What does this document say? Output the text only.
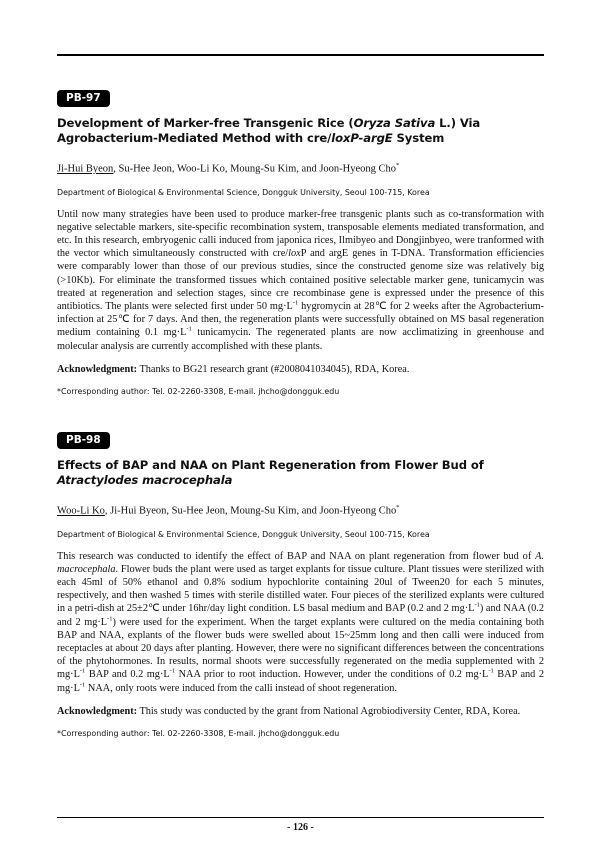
PB-97
Development of Marker-free Transgenic Rice (Oryza Sativa L.) Via Agrobacterium-Mediated Method with cre/loxP-argE System
Ji-Hui Byeon, Su-Hee Jeon, Woo-Li Ko, Moung-Su Kim, and Joon-Hyeong Cho*
Department of Biological & Environmental Science, Dongguk University, Seoul 100-715, Korea
Until now many strategies have been used to produce marker-free transgenic plants such as co-transformation with negative selectable markers, site-specific recombination system, transposable elements mediated transformation, and etc. In this research, embryogenic calli induced from japonica rices, Ilmibyeo and Dongjinbyeo, were tranformed with the vector which simultaneously constructed with cre/loxP and argE genes in T-DNA. Transformation efficiencies were comparably lower than those of our previous studies, since the constructed genome size was relatively big (>10Kb). For eliminate the transformed tissues which contained positive selectable marker gene, tunicamycin was treated at regeneration and selection stages, since cre recombinase gene is expressed under the presence of this antibiotics. The plants were selected first under 50 $mg\cdot L^{-1}$ hygromycin at 28℃ for 2 weeks after the Agrobacterium-infection at 25℃ for 7 days. And then, the regeneration plants were successfully obtained on MS basal regeneration medium containing 0.1 $mg\cdot L^{-1}$ tunicamycin. The regenerated plants are now acclimatizing in greenhouse and molecular analysis are currently accomplished with these plants.
Acknowledgment: Thanks to BG21 research grant (#2008041034045), RDA, Korea.
*Corresponding author: Tel. 02-2260-3308, E-mail. jhcho@dongguk.edu
PB-98
Effects of BAP and NAA on Plant Regeneration from Flower Bud of Atractylodes macrocephala
Woo-Li Ko, Ji-Hui Byeon, Su-Hee Jeon, Moung-Su Kim, and Joon-Hyeong Cho*
Department of Biological & Environmental Science, Dongguk University, Seoul 100-715, Korea
This research was conducted to identify the effect of BAP and NAA on plant regeneration from flower bud of A. macrocephala. Flower buds the plant were used as target explants for tissue culture. Plant tissues were sterilized with each 45ml of 50% ethanol and 0.8% sodium hypochlorite containing 20ul of Tween20 for each 5 minutes, respectively, and then washed 5 times with sterile distilled water. Four pieces of the sterilized explants were cultured in a petri-dish at 25±2℃ under 16hr/day light condition. LS basal medium and BAP (0.2 and 2 $mg\cdot L^{-1}$) and NAA (0.2 and 2 $mg\cdot L^{-1}$) were used for the experiment. When the target explants were cultured on the media containing both BAP and NAA, explants of the flower buds were swelled about 15~25mm long and then calli were induced from receptacles at about 20 days after planting. However, there were no significant differences between the concentrations of the phytohormones. In results, normal shoots were successfully regenerated on the media supplemented with 2 $mg\cdot L^{-1}$ BAP and 0.2 $mg\cdot L^{-1}$ NAA prior to root induction. However, under the conditions of 0.2 $mg\cdot L^{-1}$ BAP and 2 $mg\cdot L^{-1}$ NAA, only roots were induced from the calli instead of shoot regeneration.
Acknowledgment: This study was conducted by the grant from National Agrobiodiversity Center, RDA, Korea.
*Corresponding author: Tel. 02-2260-3308, E-mail. jhcho@dongguk.edu
- 126 -
